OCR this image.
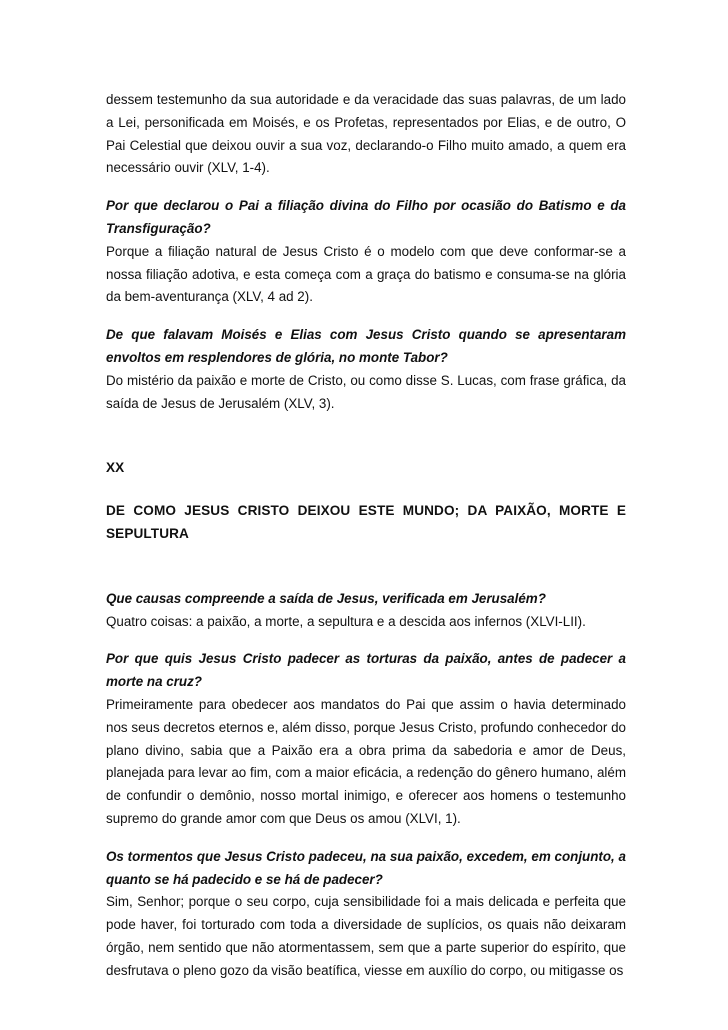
dessem testemunho da sua autoridade e da veracidade das suas palavras, de um lado a Lei, personificada em Moisés, e os Profetas, representados por Elias, e de outro, O Pai Celestial que deixou ouvir a sua voz, declarando-o Filho muito amado, a quem era necessário ouvir (XLV, 1-4).

Por que declarou o Pai a filiação divina do Filho por ocasião do Batismo e da Transfiguração?

Porque a filiação natural de Jesus Cristo é o modelo com que deve conformar-se a nossa filiação adotiva, e esta começa com a graça do batismo e consuma-se na glória da bem-aventurança (XLV, 4 ad 2).

De que falavam Moisés e Elias com Jesus Cristo quando se apresentaram envoltos em resplendores de glória, no monte Tabor?

Do mistério da paixão e morte de Cristo, ou como disse S. Lucas, com frase gráfica, da saída de Jesus de Jerusalém (XLV, 3).

XX

DE COMO JESUS CRISTO DEIXOU ESTE MUNDO; DA PAIXÃO, MORTE E SEPULTURA

Que causas compreende a saída de Jesus, verificada em Jerusalém?

Quatro coisas: a paixão, a morte, a sepultura e a descida aos infernos (XLVI-LII).

Por que quis Jesus Cristo padecer as torturas da paixão, antes de padecer a morte na cruz?

Primeiramente para obedecer aos mandatos do Pai que assim o havia determinado nos seus decretos eternos e, além disso, porque Jesus Cristo, profundo conhecedor do plano divino, sabia que a Paixão era a obra prima da sabedoria e amor de Deus, planejada para levar ao fim, com a maior eficácia, a redenção do gênero humano, além de confundir o demônio, nosso mortal inimigo, e oferecer aos homens o testemunho supremo do grande amor com que Deus os amou (XLVI, 1).

Os tormentos que Jesus Cristo padeceu, na sua paixão, excedem, em conjunto, a quanto se há padecido e se há de padecer?

Sim, Senhor; porque o seu corpo, cuja sensibilidade foi a mais delicada e perfeita que pode haver, foi torturado com toda a diversidade de suplícios, os quais não deixaram órgão, nem sentido que não atormentassem, sem que a parte superior do espírito, que desfrutava o pleno gozo da visão beatífica, viesse em auxílio do corpo, ou mitigasse os
